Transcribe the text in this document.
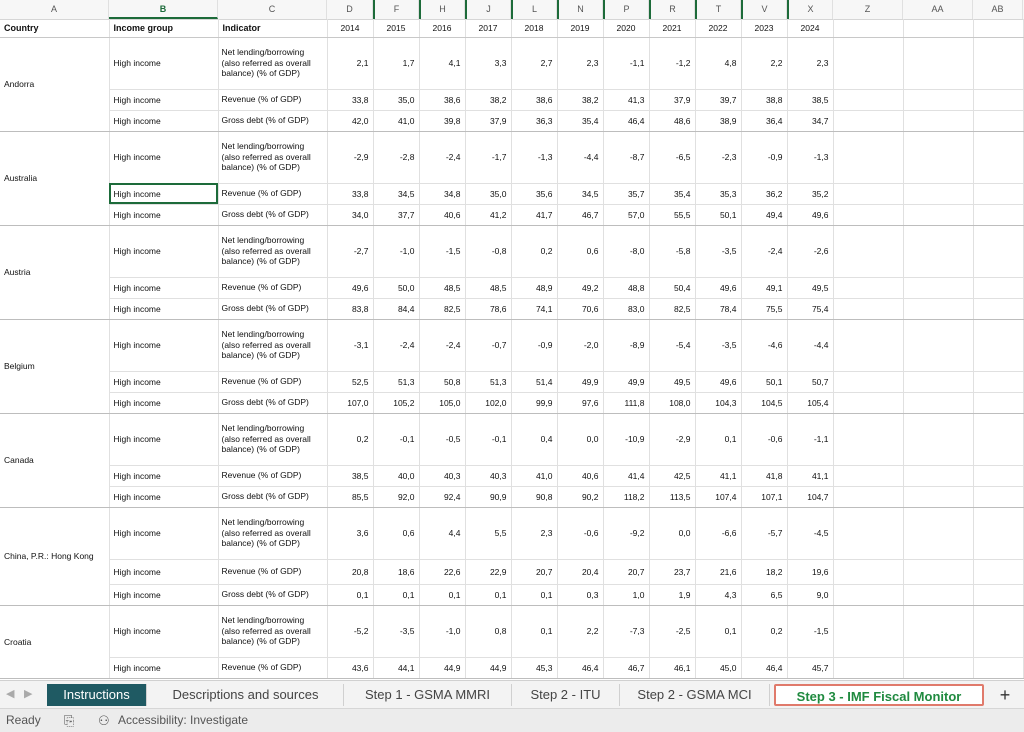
A	B	C	D	F	H	J	L	N	P	R	T	V	X	Z	AA	AB
Country	Income group	Indicator	2014	2015	2016	2017	2018	2019	2020	2021	2022	2023	2024			
Andorra	High income	Net lending/borrowing (also referred as overall balance) (% of GDP)	2,1	1,7	4,1	3,3	2,7	2,3	-1,1	-1,2	4,8	2,2	2,3			
	High income	Revenue (% of GDP)	33,8	35,0	38,6	38,2	38,6	38,2	41,3	37,9	39,7	38,8	38,5			
	High income	Gross debt (% of GDP)	42,0	41,0	39,8	37,9	36,3	35,4	46,4	48,6	38,9	36,4	34,7			
Australia	High income	Net lending/borrowing (also referred as overall balance) (% of GDP)	-2,9	-2,8	-2,4	-1,7	-1,3	-4,4	-8,7	-6,5	-2,3	-0,9	-1,3			
	High income	Revenue (% of GDP)	33,8	34,5	34,8	35,0	35,6	34,5	35,7	35,4	35,3	36,2	35,2			
	High income	Gross debt (% of GDP)	34,0	37,7	40,6	41,2	41,7	46,7	57,0	55,5	50,1	49,4	49,6			
Austria	High income	Net lending/borrowing (also referred as overall balance) (% of GDP)	-2,7	-1,0	-1,5	-0,8	0,2	0,6	-8,0	-5,8	-3,5	-2,4	-2,6			
	High income	Revenue (% of GDP)	49,6	50,0	48,5	48,5	48,9	49,2	48,8	50,4	49,6	49,1	49,5			
	High income	Gross debt (% of GDP)	83,8	84,4	82,5	78,6	74,1	70,6	83,0	82,5	78,4	75,5	75,4			
Belgium	High income	Net lending/borrowing (also referred as overall balance) (% of GDP)	-3,1	-2,4	-2,4	-0,7	-0,9	-2,0	-8,9	-5,4	-3,5	-4,6	-4,4			
	High income	Revenue (% of GDP)	52,5	51,3	50,8	51,3	51,4	49,9	49,9	49,5	49,6	50,1	50,7			
	High income	Gross debt (% of GDP)	107,0	105,2	105,0	102,0	99,9	97,6	111,8	108,0	104,3	104,5	105,4			
Canada	High income	Net lending/borrowing (also referred as overall balance) (% of GDP)	0,2	-0,1	-0,5	-0,1	0,4	0,0	-10,9	-2,9	0,1	-0,6	-1,1			
	High income	Revenue (% of GDP)	38,5	40,0	40,3	40,3	41,0	40,6	41,4	42,5	41,1	41,8	41,1			
	High income	Gross debt (% of GDP)	85,5	92,0	92,4	90,9	90,8	90,2	118,2	113,5	107,4	107,1	104,7			
China, P.R.: Hong Kong	High income	Net lending/borrowing (also referred as overall balance) (% of GDP)	3,6	0,6	4,4	5,5	2,3	-0,6	-9,2	0,0	-6,6	-5,7	-4,5			
	High income	Revenue (% of GDP)	20,8	18,6	22,6	22,9	20,7	20,4	20,7	23,7	21,6	18,2	19,6			
	High income	Gross debt (% of GDP)	0,1	0,1	0,1	0,1	0,1	0,3	1,0	1,9	4,3	6,5	9,0			
Croatia	High income	Net lending/borrowing (also referred as overall balance) (% of GDP)	-5,2	-3,5	-1,0	0,8	0,1	2,2	-7,3	-2,5	0,1	0,2	-1,5			
	High income	Revenue (% of GDP)	43,6	44,1	44,9	44,9	45,3	46,4	46,7	46,1	45,0	46,4	45,7			
◀ ▶	Instructions	Descriptions and sources	Step 1 - GSMA MMRI	Step 2 - ITU	Step 2 - GSMA MCI	Step 3 - IMF Fiscal Monitor	+
Ready ⎘ ⚇ Accessibility: Investigate
